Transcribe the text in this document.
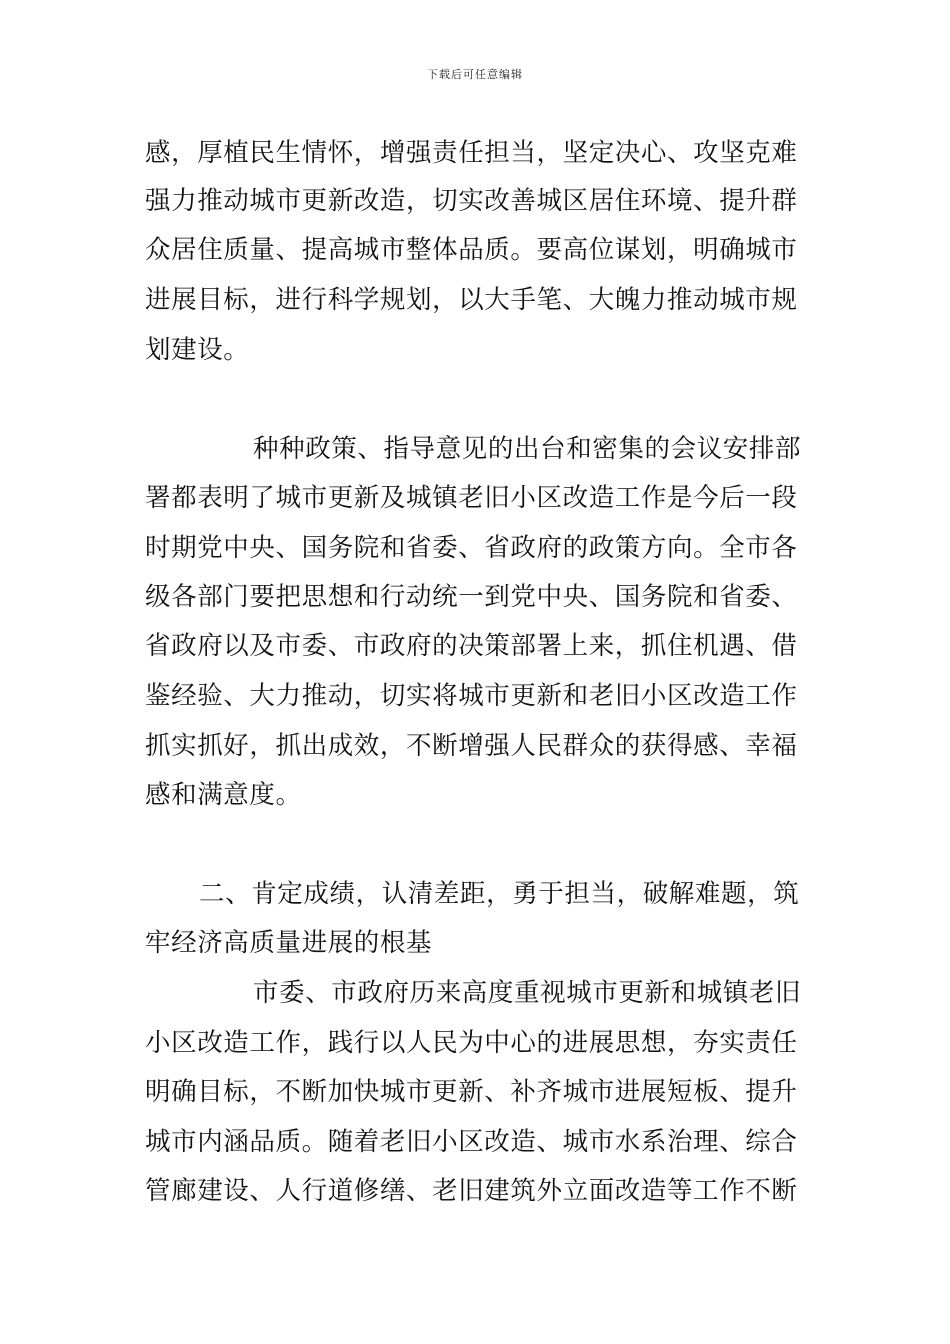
下载后可任意编辑
感，厚植民生情怀，增强责任担当，坚定决心、攻坚克难
强力推动城市更新改造，切实改善城区居住环境、提升群
众居住质量、提高城市整体品质。要高位谋划，明确城市
进展目标，进行科学规划，以大手笔、大魄力推动城市规
划建设。
种种政策、指导意见的出台和密集的会议安排部
署都表明了城市更新及城镇老旧小区改造工作是今后一段
时期党中央、国务院和省委、省政府的政策方向。全市各
级各部门要把思想和行动统一到党中央、国务院和省委、
省政府以及市委、市政府的决策部署上来，抓住机遇、借
鉴经验、大力推动，切实将城市更新和老旧小区改造工作
抓实抓好，抓出成效，不断增强人民群众的获得感、幸福
感和满意度。
二、肯定成绩，认清差距，勇于担当，破解难题，筑
牢经济高质量进展的根基
市委、市政府历来高度重视城市更新和城镇老旧
小区改造工作，践行以人民为中心的进展思想，夯实责任
明确目标，不断加快城市更新、补齐城市进展短板、提升
城市内涵品质。随着老旧小区改造、城市水系治理、综合
管廊建设、人行道修缮、老旧建筑外立面改造等工作不断
